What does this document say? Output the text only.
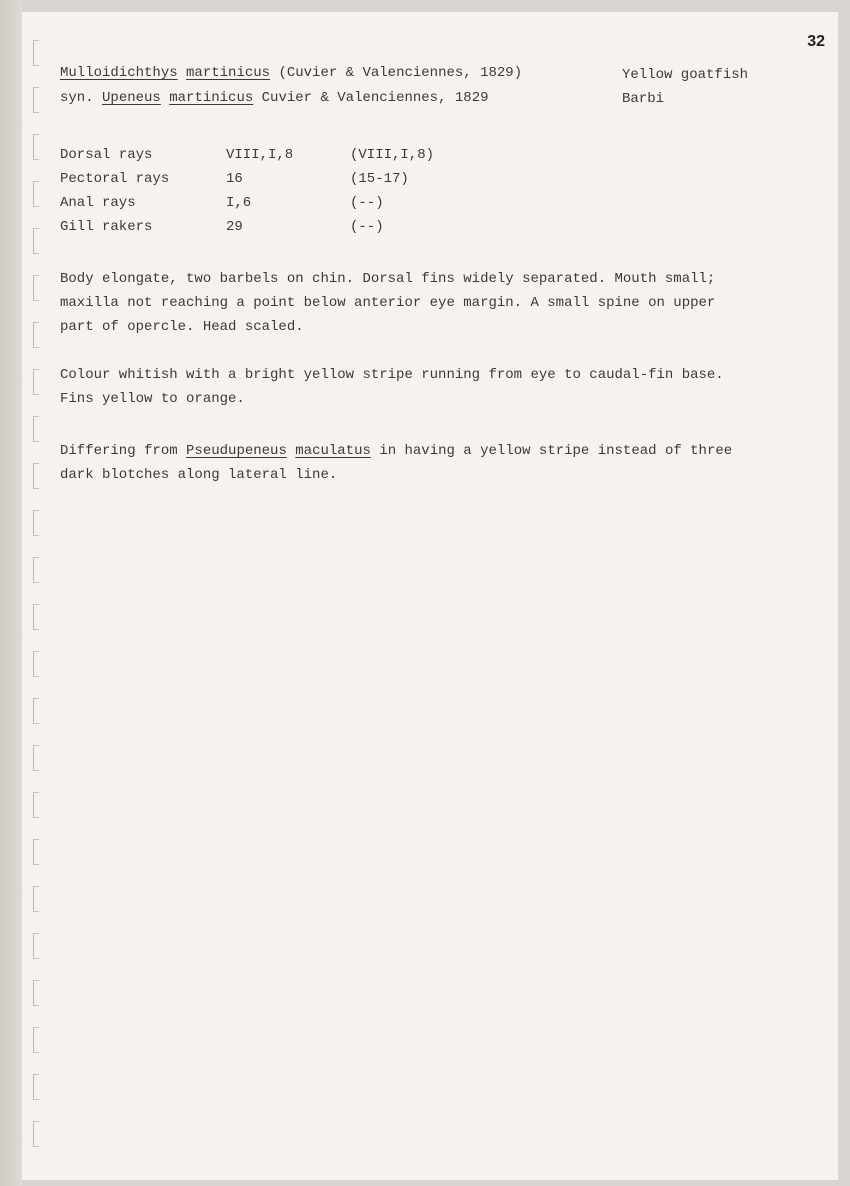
32
Mulloidichthys martinicus (Cuvier & Valenciennes, 1829)
syn. Upeneus martinicus Cuvier & Valenciennes, 1829
Yellow goatfish
Barbi
Dorsal rays	VIII,I,8	(VIII,I,8)
Pectoral rays	16	(15-17)
Anal rays	I,6	(--)
Gill rakers	29	(--)
Body elongate, two barbels on chin. Dorsal fins widely separated. Mouth small;
maxilla not reaching a point below anterior eye margin. A small spine on upper
part of opercle. Head scaled.
Colour whitish with a bright yellow stripe running from eye to caudal-fin base.
Fins yellow to orange.
Differing from Pseudupeneus maculatus in having a yellow stripe instead of three
dark blotches along lateral line.
